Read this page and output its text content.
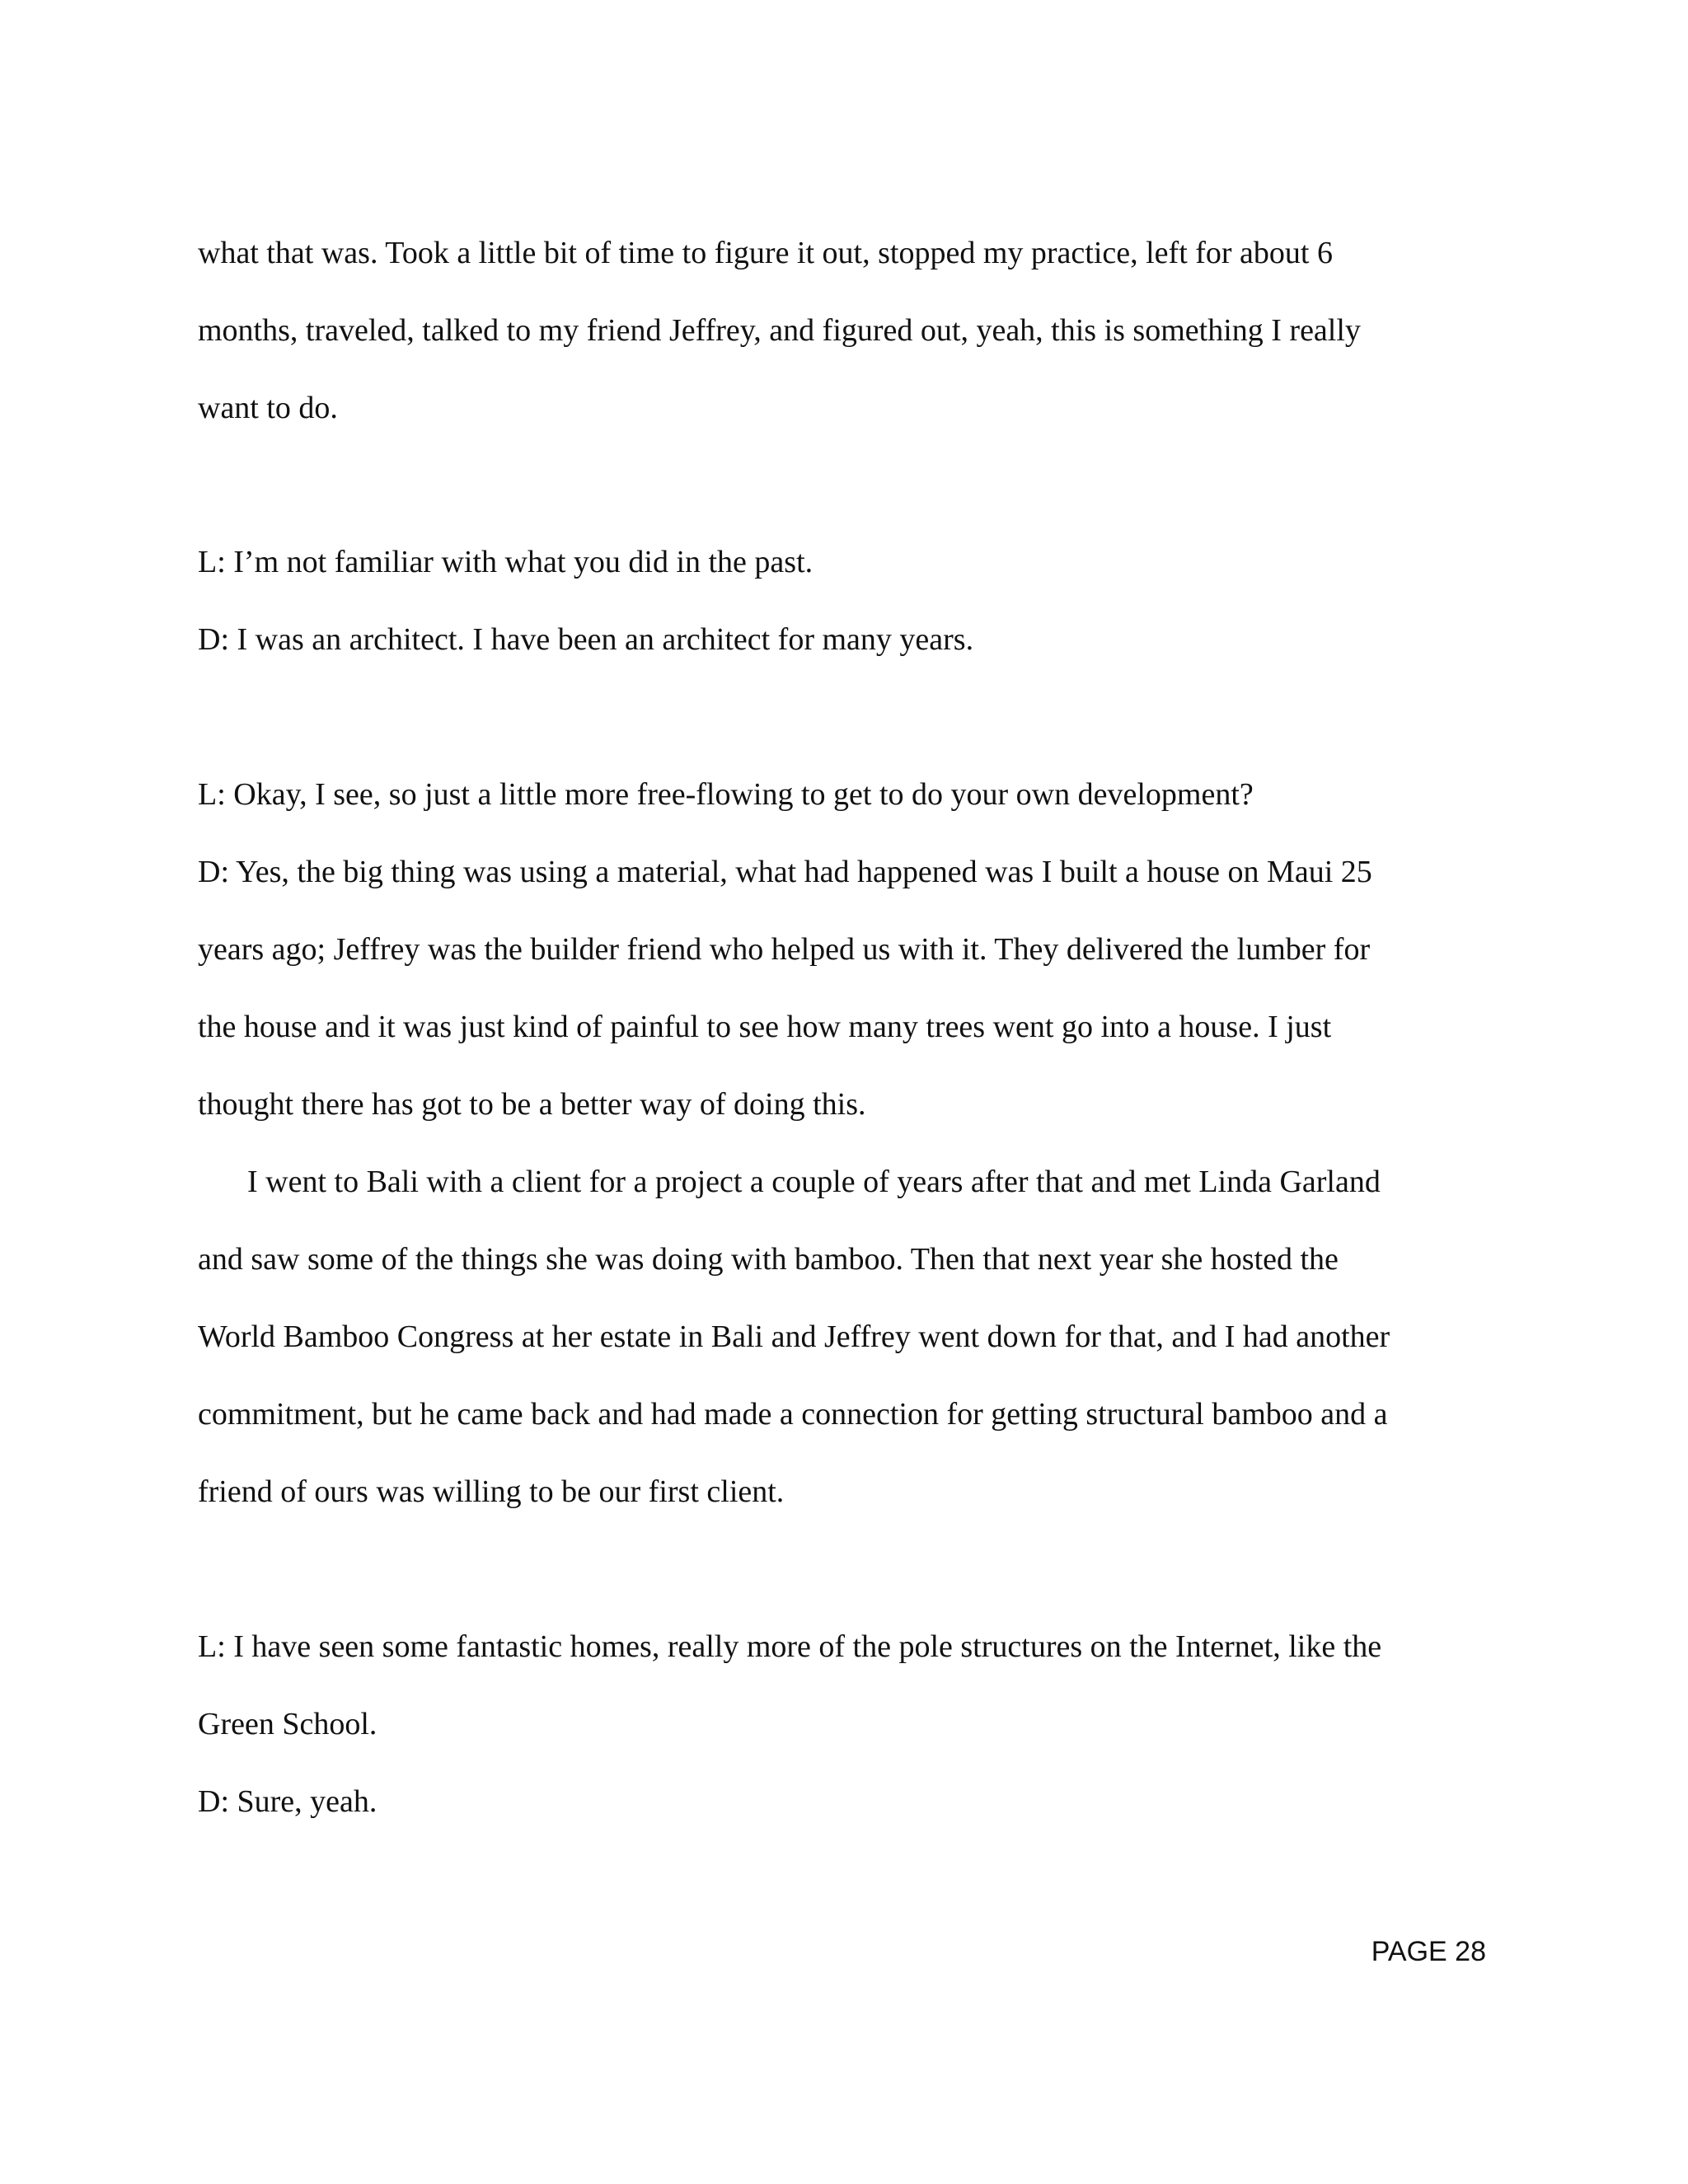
what that was. Took a little bit of time to figure it out, stopped my practice, left for about 6
months, traveled, talked to my friend Jeffrey, and figured out, yeah, this is something I really
want to do.
L: I’m not familiar with what you did in the past.
D: I was an architect. I have been an architect for many years.
L: Okay, I see, so just a little more free-flowing to get to do your own development?
D: Yes, the big thing was using a material, what had happened was I built a house on Maui 25
years ago; Jeffrey was the builder friend who helped us with it. They delivered the lumber for
the house and it was just kind of painful to see how many trees went go into a house. I just
thought there has got to be a better way of doing this.
I went to Bali with a client for a project a couple of years after that and met Linda Garland
and saw some of the things she was doing with bamboo. Then that next year she hosted the
World Bamboo Congress at her estate in Bali and Jeffrey went down for that, and I had another
commitment, but he came back and had made a connection for getting structural bamboo and a
friend of ours was willing to be our first client.
L: I have seen some fantastic homes, really more of the pole structures on the Internet, like the
Green School.
D: Sure, yeah.
PAGE 28
